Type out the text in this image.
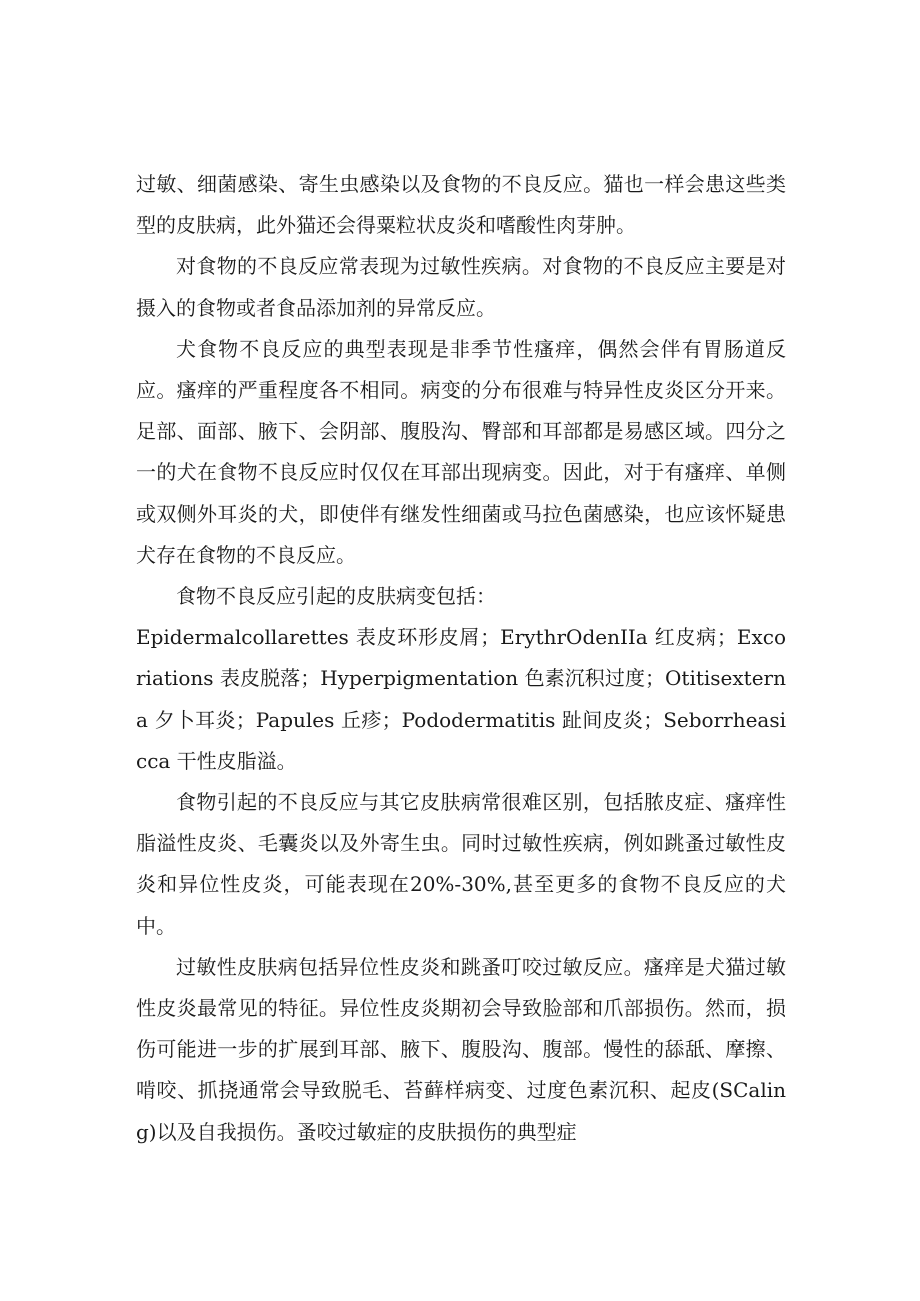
过敏、细菌感染、寄生虫感染以及食物的不良反应。猫也一样会患这些类型的皮肤病，此外猫还会得粟粒状皮炎和嗜酸性肉芽肿。

对食物的不良反应常表现为过敏性疾病。对食物的不良反应主要是对摄入的食物或者食品添加剂的异常反应。

犬食物不良反应的典型表现是非季节性瘙痒，偶然会伴有胃肠道反应。瘙痒的严重程度各不相同。病变的分布很难与特异性皮炎区分开来。足部、面部、腋下、会阴部、腹股沟、臀部和耳部都是易感区域。四分之一的犬在食物不良反应时仅仅在耳部出现病变。因此，对于有瘙痒、单侧或双侧外耳炎的犬，即使伴有继发性细菌或马拉色菌感染，也应该怀疑患犬存在食物的不良反应。

食物不良反应引起的皮肤病变包括：

Epidermalcollarettes 表皮环形皮屑；ErythrOdenIIa 红皮病；Excoriations 表皮脱落；Hyperpigmentation 色素沉积过度；Otitisexterna 夕卜耳炎；Papules 丘疹；Pododermatitis 趾间皮炎；Seborrheasicca 干性皮脂溢。

食物引起的不良反应与其它皮肤病常很难区别，包括脓皮症、瘙痒性脂溢性皮炎、毛囊炎以及外寄生虫。同时过敏性疾病，例如跳蚤过敏性皮炎和异位性皮炎，可能表现在20%-30%,甚至更多的食物不良反应的犬中。

过敏性皮肤病包括异位性皮炎和跳蚤叮咬过敏反应。瘙痒是犬猫过敏性皮炎最常见的特征。异位性皮炎期初会导致脸部和爪部损伤。然而，损伤可能进一步的扩展到耳部、腋下、腹股沟、腹部。慢性的舔舐、摩擦、啃咬、抓挠通常会导致脱毛、苔藓样病变、过度色素沉积、起皮(SCaling)以及自我损伤。蚤咬过敏症的皮肤损伤的典型症
